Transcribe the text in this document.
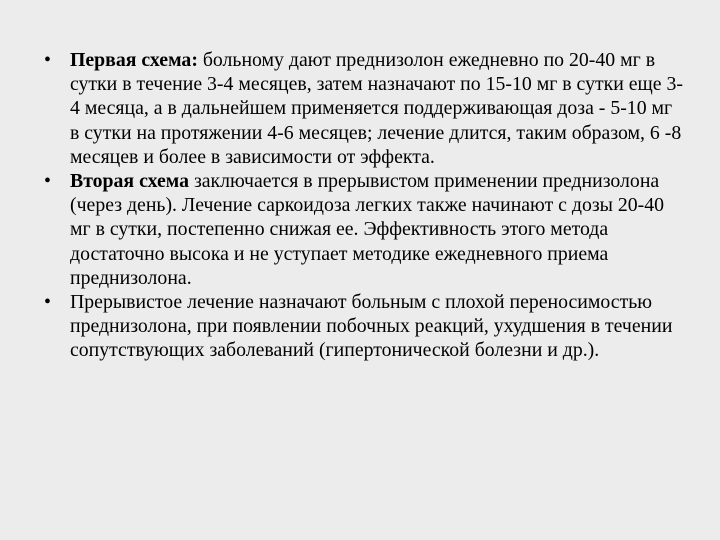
• Первая схема: больному дают преднизолон ежедневно по 20-40 мг в сутки в течение 3-4 месяцев, затем назначают по 15-10 мг в сутки еще 3-4 месяца, а в дальнейшем применяется поддерживающая доза - 5-10 мг в сутки на протяжении 4-6 месяцев; лечение длится, таким образом, 6 -8 месяцев и более в зависимости от эффекта.
• Вторая схема заключается в прерывистом применении преднизолона (через день). Лечение саркоидоза легких также начинают с дозы 20-40 мг в сутки, постепенно снижая ее. Эффективность этого метода достаточно высока и не уступает методике ежедневного приема преднизолона.
• Прерывистое лечение назначают больным с плохой переносимостью преднизолона, при появлении побочных реакций, ухудшения в течении сопутствующих заболеваний (гипертонической болезни и др.).
